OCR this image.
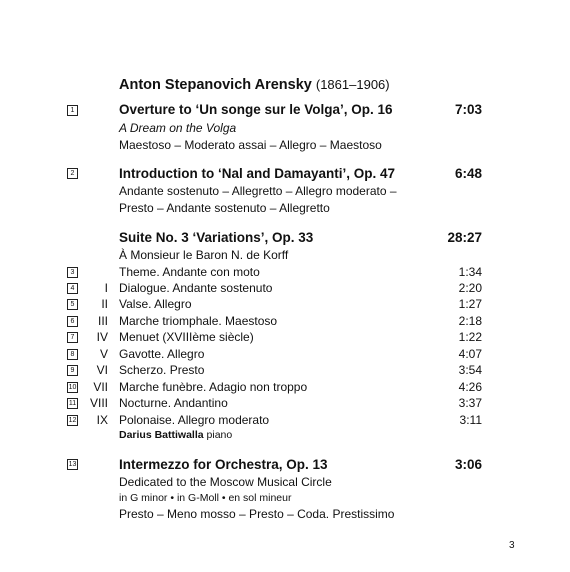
Anton Stepanovich Arensky (1861–1906)
1	Overture to ‘Un songe sur le Volga’, Op. 16	7:03
A Dream on the Volga
Maestoso – Moderato assai – Allegro – Maestoso
2	Introduction to ‘Nal and Damayanti’, Op. 47	6:48
Andante sostenuto – Allegretto – Allegro moderato –
Presto – Andante sostenuto – Allegretto
Suite No. 3 ‘Variations’, Op. 33	28:27
À Monsieur le Baron N. de Korff
3	Theme. Andante con moto	1:34
4	I Dialogue. Andante sostenuto	2:20
5	II Valse. Allegro	1:27
6	III Marche triomphale. Maestoso	2:18
7	IV Menuet (XVIIIème siècle)	1:22
8	V Gavotte. Allegro	4:07
9	VI Scherzo. Presto	3:54
10	VII Marche funèbre. Adagio non troppo	4:26
11	VIII Nocturne. Andantino	3:37
12	IX Polonaise. Allegro moderato	3:11
Darius Battiwalla piano
13	Intermezzo for Orchestra, Op. 13	3:06
Dedicated to the Moscow Musical Circle
in G minor • in G-Moll • en sol mineur
Presto – Meno mosso – Presto – Coda. Prestissimo
3
